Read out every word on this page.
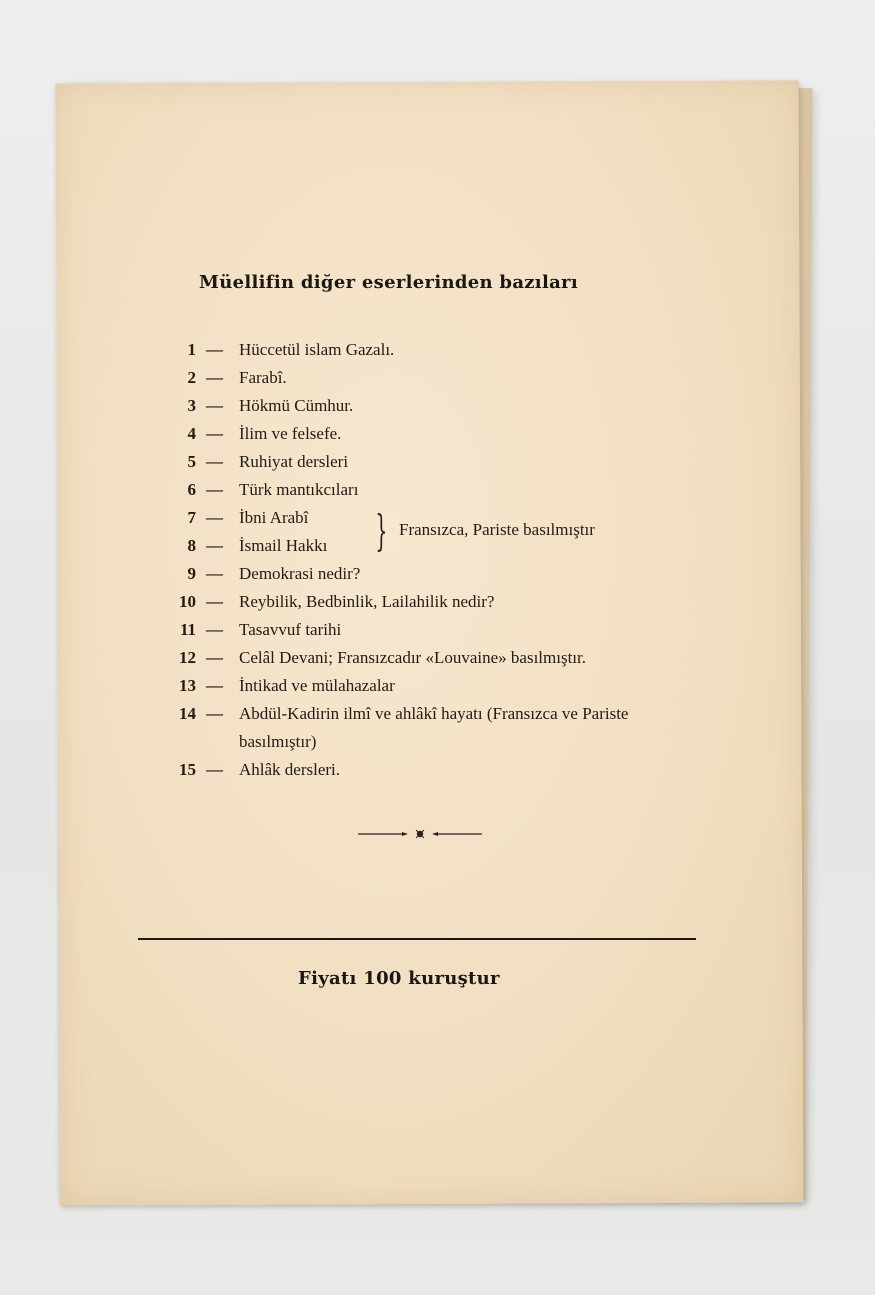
Müellifin diğer eserlerinden bazıları
1 — Hüccetül islam Gazalı.
2 — Farabî.
3 — Hökmü Cümhur.
4 — İlim ve felsefe.
5 — Ruhiyat dersleri
6 — Türk mantıkcıları
7 — İbni Arabî
8 — İsmail Hakkı
9 — Demokrasi nedir?
10 — Reybilik, Bedbinlik, Lailahilik nedir?
11 — Tasavvuf tarihi
12 — Celâl Devani; Fransızcadır «Louvaine» basılmıştır.
13 — İntikad ve mülahazalar
14 — Abdül-Kadirin ilmî ve ahlâkî hayatı (Fransızca ve Pariste basılmıştır)
15 — Ahlâk dersleri.
} Fransızca, Pariste basılmıştır
Fiyatı 100 kuruştur
